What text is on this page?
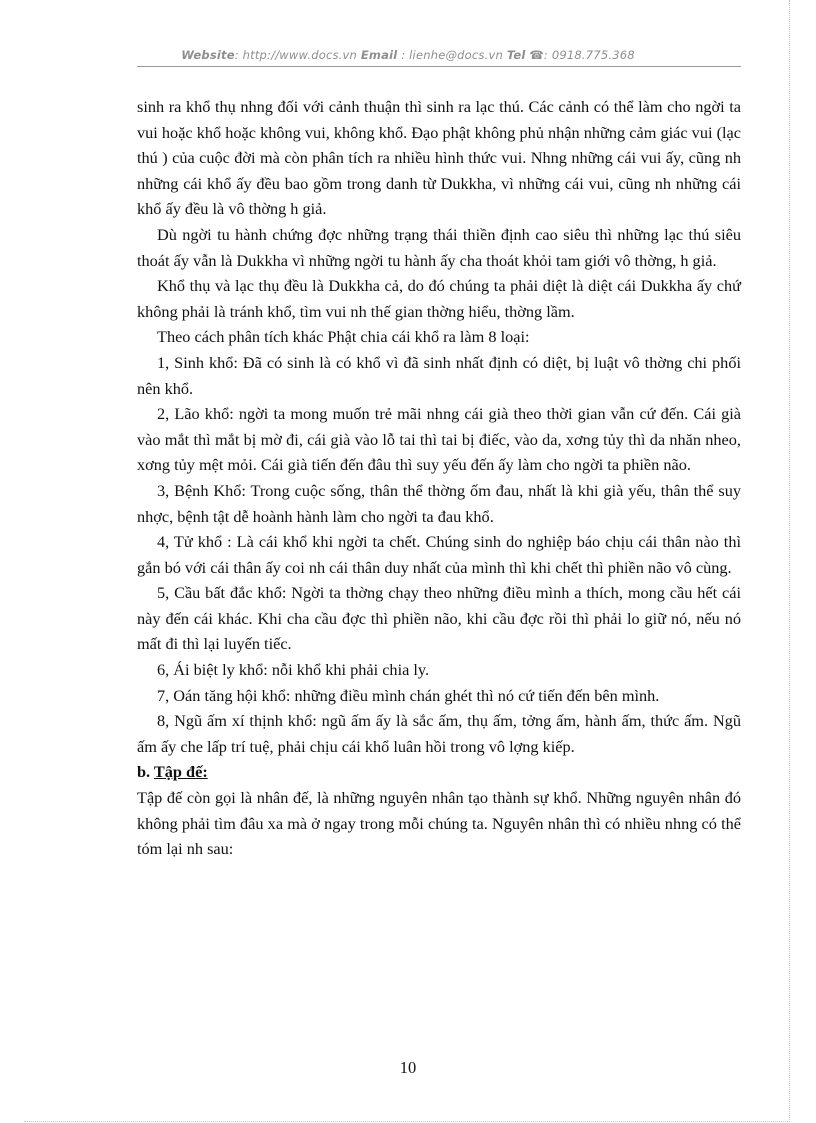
Website: http://www.docs.vn Email : lienhe@docs.vn Tel ☎: 0918.775.368

sinh ra khổ thụ nhng đối với cảnh thuận thì sinh ra lạc thú. Các cảnh có thể làm cho ngời ta vui hoặc khổ hoặc không vui, không khổ. Đạo phật không phủ nhận những cảm giác vui (lạc thú ) của cuộc đời mà còn phân tích ra nhiều hình thức vui. Nhng những cái vui ấy, cũng nh những cái khổ ấy đều bao gồm trong danh từ Dukkha, vì những cái vui, cũng nh những cái khổ ấy đều là vô thờng h giả.

Dù ngời tu hành chứng đợc những trạng thái thiền định cao siêu thì những lạc thú siêu thoát ấy vẫn là Dukkha vì những ngời tu hành ấy cha thoát khỏi tam giới vô thờng, h giả.

Khổ thụ và lạc thụ đều là Dukkha cả, do đó chúng ta phải diệt là diệt cái Dukkha ấy chứ không phải là tránh khổ, tìm vui nh thế gian thờng hiểu, thờng lầm.

Theo cách phân tích khác Phật chia cái khổ ra làm 8 loại:

1, Sinh khổ: Đã có sinh là có khổ vì đã sinh nhất định có diệt, bị luật vô thờng chi phối nên khổ.

2, Lão khổ: ngời ta mong muốn trẻ mãi nhng cái già theo thời gian vẫn cứ đến. Cái già vào mắt thì mắt bị mờ đi, cái già vào lỗ tai thì tai bị điếc, vào da, xơng tủy thì da nhăn nheo, xơng tủy mệt mỏi. Cái già tiến đến đâu thì suy yếu đến ấy làm cho ngời ta phiền não.

3, Bệnh Khổ: Trong cuộc sống, thân thể thờng ốm đau, nhất là khi già yếu, thân thể suy nhợc, bệnh tật dễ hoành hành làm cho ngời ta đau khổ.

4, Tử khổ : Là cái khổ khi ngời ta chết. Chúng sinh do nghiệp báo chịu cái thân nào thì gắn bó với cái thân ấy coi nh cái thân duy nhất của mình thì khi chết thì phiền não vô cùng.

5, Cầu bất đắc khổ: Ngời ta thờng chạy theo những điều mình a thích, mong cầu hết cái này đến cái khác. Khi cha cầu đợc thì phiền não, khi cầu đợc rồi thì phải lo giữ nó, nếu nó mất đi thì lại luyến tiếc.

6, Ái biệt ly khổ: nỗi khổ khi phải chia ly.

7, Oán tăng hội khổ: những điều mình chán ghét thì nó cứ tiến đến bên mình.

8, Ngũ ấm xí thịnh khổ: ngũ ấm ấy là sắc ấm, thụ ấm, tởng ấm, hành ấm, thức ấm. Ngũ ấm ấy che lấp trí tuệ, phải chịu cái khổ luân hồi trong vô lợng kiếp.

b. Tập đế:

Tập đế còn gọi là nhân đế, là những nguyên nhân tạo thành sự khổ. Những nguyên nhân đó không phải tìm đâu xa mà ở ngay trong mỗi chúng ta. Nguyên nhân thì có nhiều nhng có thể tóm lại nh sau:

10
